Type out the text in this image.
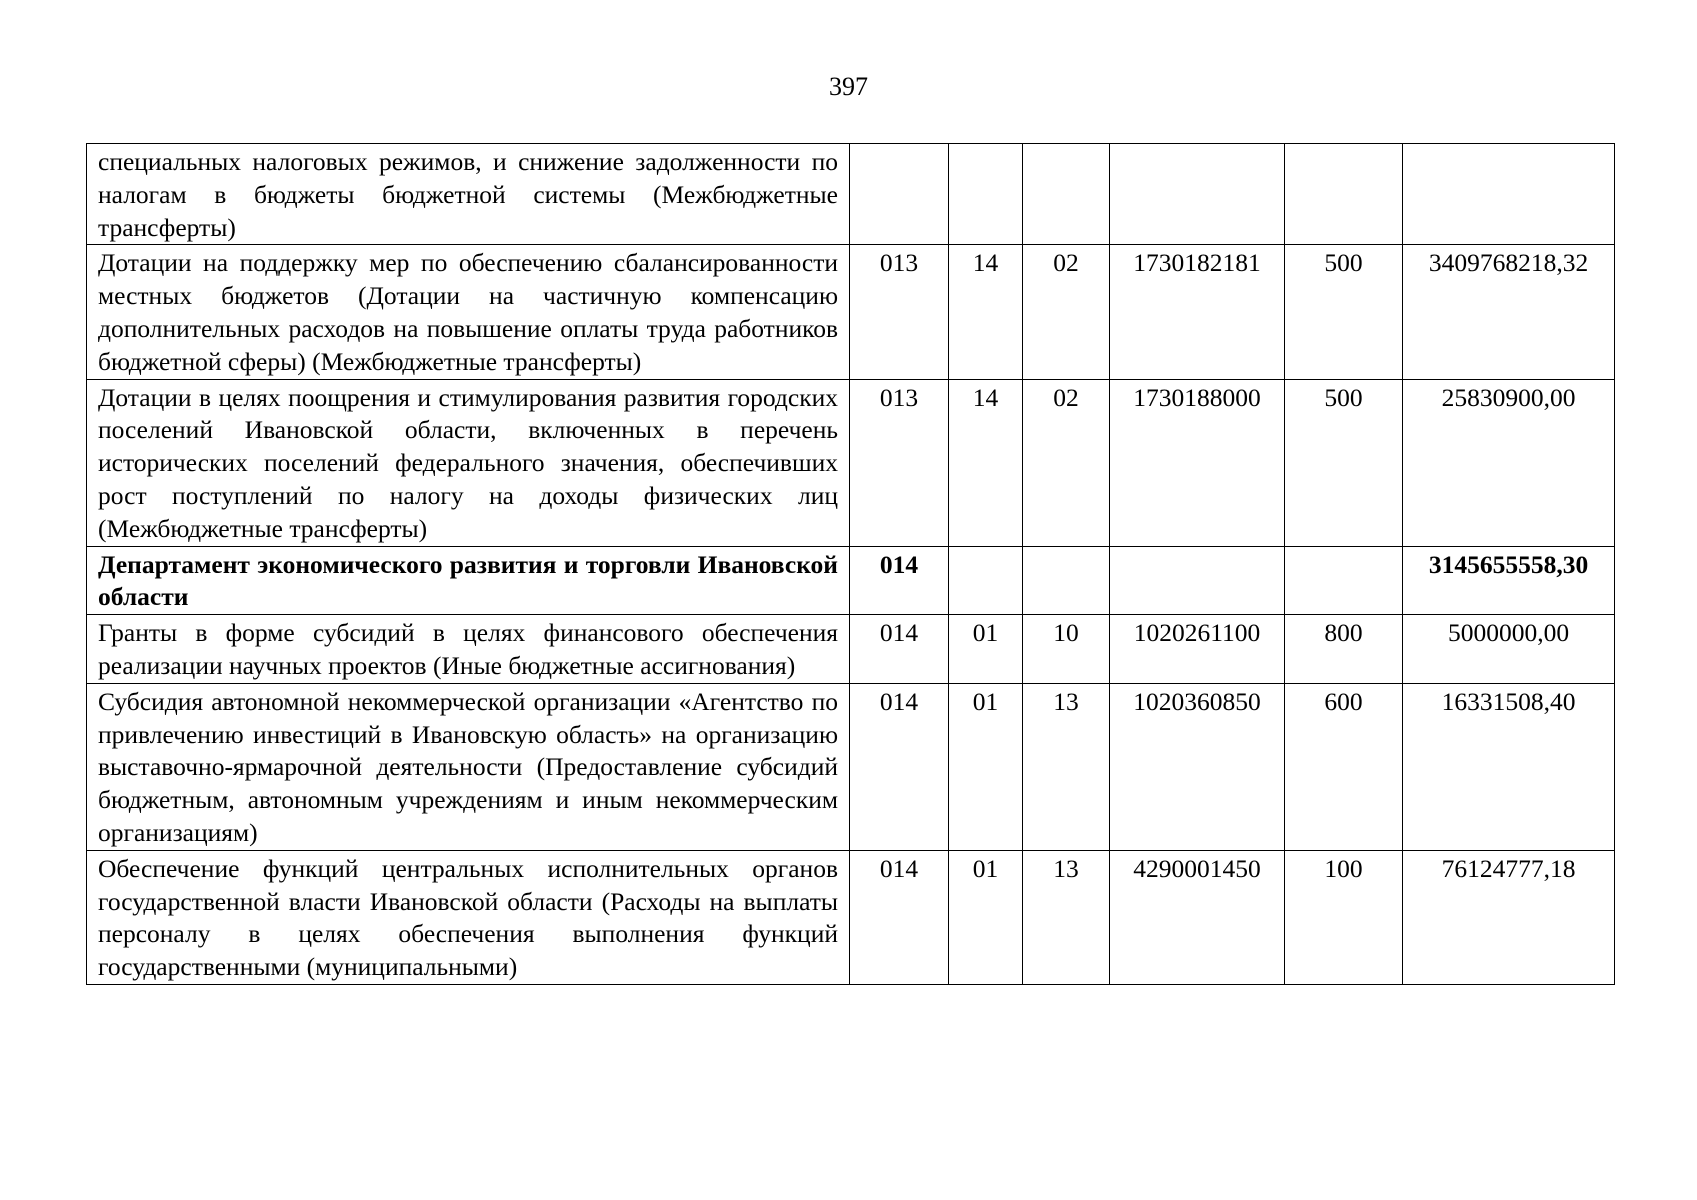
397
специальных налоговых режимов, и снижение задолженности по налогам в бюджеты бюджетной системы (Межбюджетные трансферты)						
Дотации на поддержку мер по обеспечению сбалансированности местных бюджетов (Дотации на частичную компенсацию дополнительных расходов на повышение оплаты труда работников бюджетной сферы) (Межбюджетные трансферты)	013	14	02	1730182181	500	3409768218,32
Дотации в целях поощрения и стимулирования развития городских поселений Ивановской области, включенных в перечень исторических поселений федерального значения, обеспечивших рост поступлений по налогу на доходы физических лиц (Межбюджетные трансферты)	013	14	02	1730188000	500	25830900,00
Департамент экономического развития и торговли Ивановской области	014					3145655558,30
Гранты в форме субсидий в целях финансового обеспечения реализации научных проектов (Иные бюджетные ассигнования)	014	01	10	1020261100	800	5000000,00
Субсидия автономной некоммерческой организации «Агентство по привлечению инвестиций в Ивановскую область» на организацию выставочно-ярмарочной деятельности (Предоставление субсидий бюджетным, автономным учреждениям и иным некоммерческим организациям)	014	01	13	1020360850	600	16331508,40
Обеспечение функций центральных исполнительных органов государственной власти Ивановской области (Расходы на выплаты персоналу в целях обеспечения выполнения функций государственными (муниципальными)	014	01	13	4290001450	100	76124777,18
